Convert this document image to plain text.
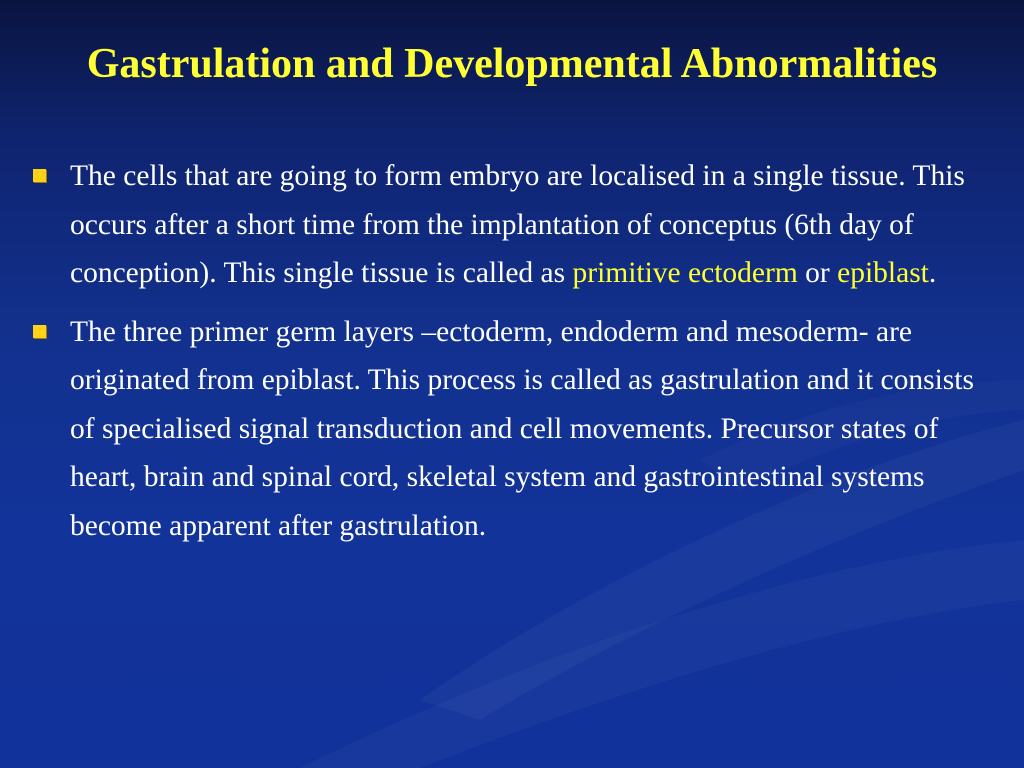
Gastrulation and Developmental Abnormalities
The cells that are going to form embryo are localised in a single tissue. This occurs after a short time from the implantation of conceptus (6th day of conception). This single tissue is called as primitive ectoderm or epiblast.
The three primer germ layers –ectoderm, endoderm and mesoderm- are originated from epiblast. This process is called as gastrulation and it consists of specialised signal transduction and cell movements. Precursor states of heart, brain and spinal cord, skeletal system and gastrointestinal systems become apparent after gastrulation.
